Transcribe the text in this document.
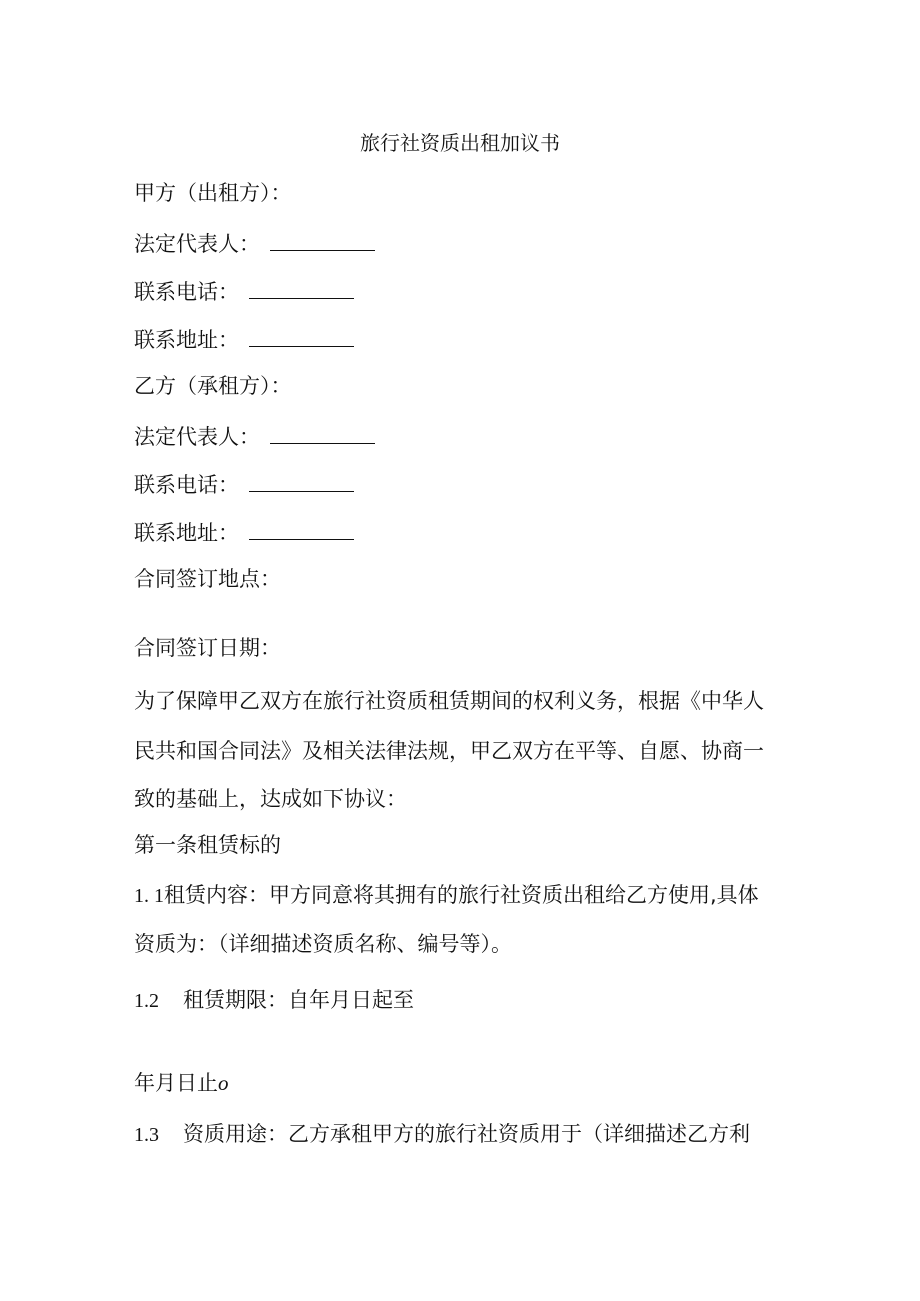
旅行社资质出租加议书
甲方（出租方）：
法定代表人：
联系电话：
联系地址：
乙方（承租方）：
法定代表人：
联系电话：
联系地址：
合同签订地点：
合同签订日期：
为了保障甲乙双方在旅行社资质租赁期间的权利义务，根据《中华人
民共和国合同法》及相关法律法规，甲乙双方在平等、自愿、协商一
致的基础上，达成如下协议：
第一条租赁标的
1. 1租赁内容：甲方同意将其拥有的旅行社资质出租给乙方使用,具体
资质为：（详细描述资质名称、编号等）。
1.2 租赁期限：自年月日起至
年月日止o
1.3 资质用途：乙方承租甲方的旅行社资质用于（详细描述乙方利
